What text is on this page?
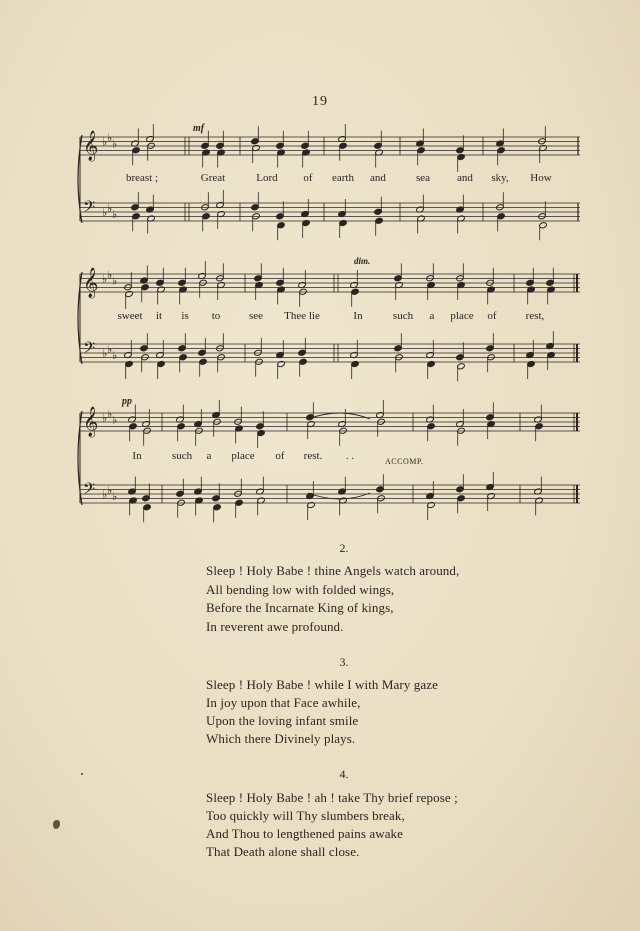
19
𝄞
𝄢
♭ ♭ ♭
♭ ♭ ♭
mf
breast ;	Great	Lord of earth and	sea and sky, How
𝄞
𝄢
♭ ♭ ♭
♭ ♭ ♭
dim.
sweet it is to	see Thee lie	In	such a place of	rest,
𝄞
𝄢
♭ ♭ ♭
♭ ♭ ♭
pp
In	such a place of rest. . .	ACCOMP.
2.
Sleep ! Holy Babe ! thine Angels watch around,
All bending low with folded wings,
Before the Incarnate King of kings,
In reverent awe profound.
3.
Sleep ! Holy Babe ! while I with Mary gaze
In joy upon that Face awhile,
Upon the loving infant smile
Which there Divinely plays.
4.
Sleep ! Holy Babe ! ah ! take Thy brief repose ;
Too quickly will Thy slumbers break,
And Thou to lengthened pains awake
That Death alone shall close.
